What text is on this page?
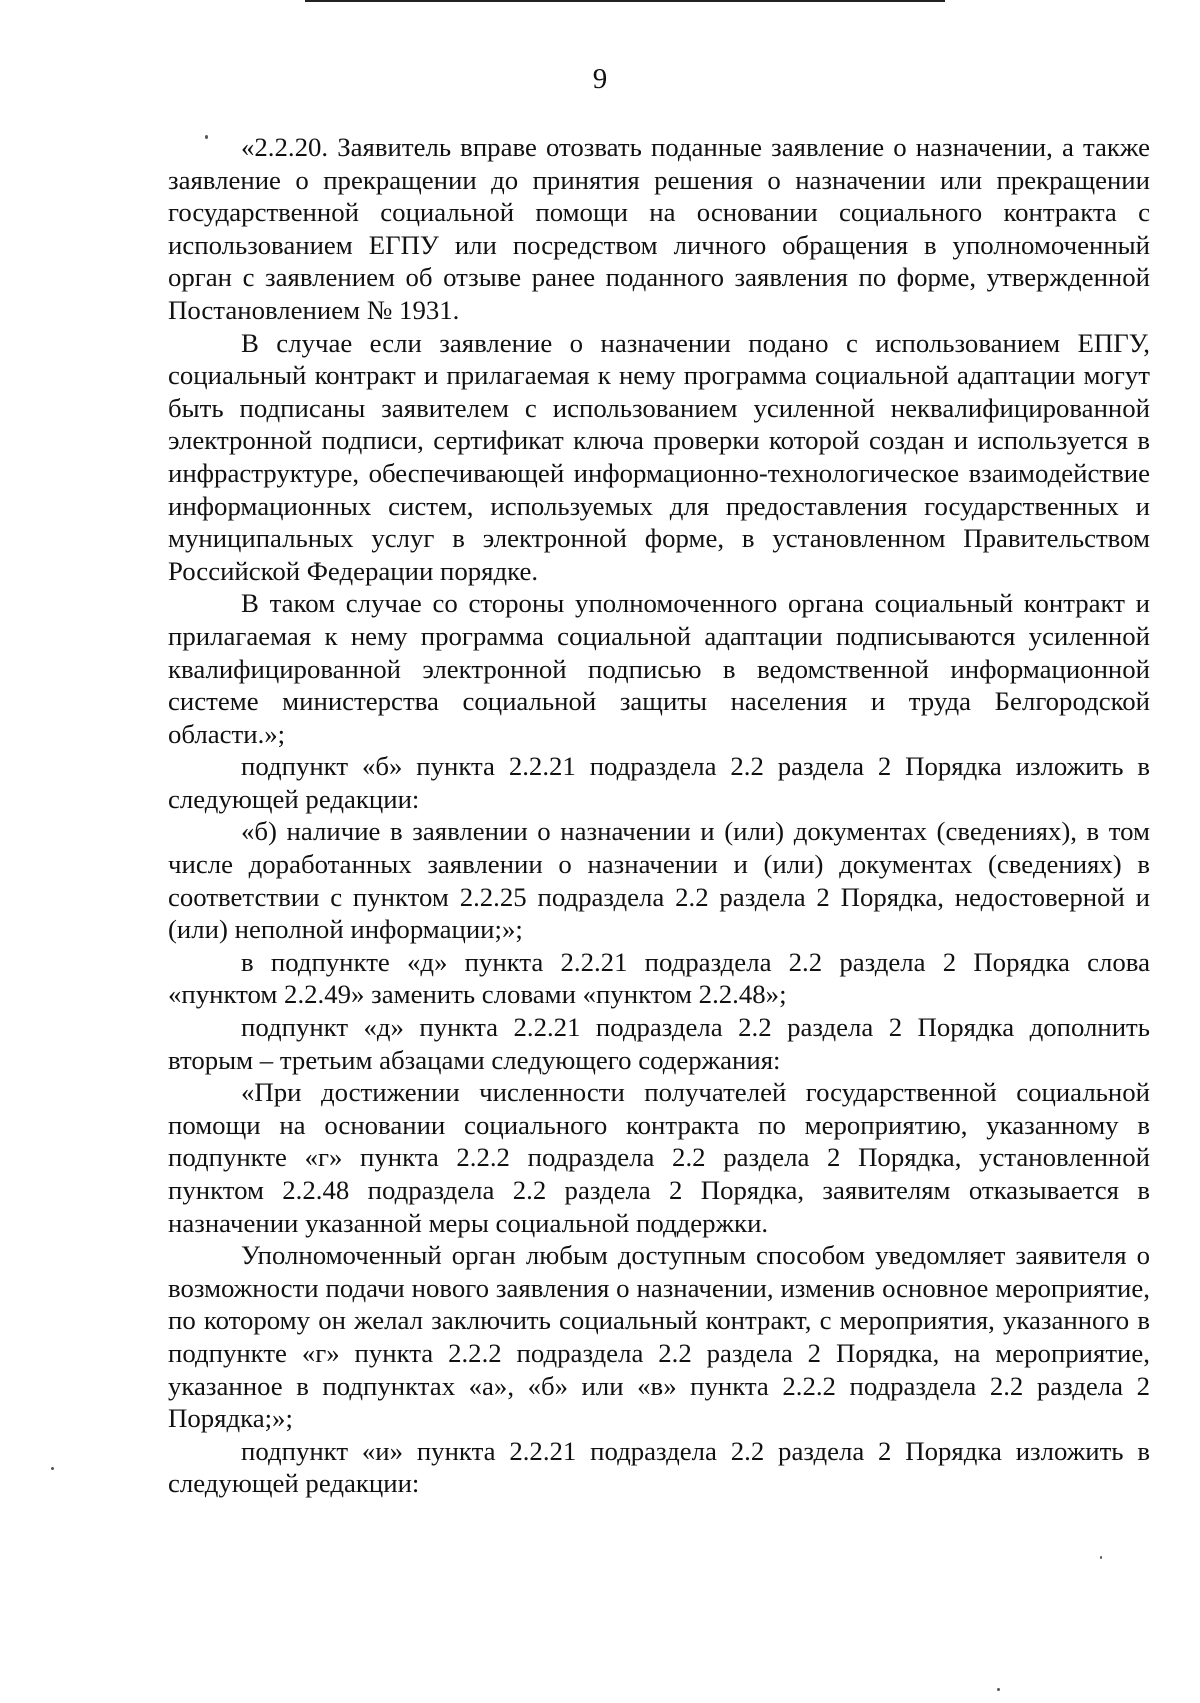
9

«2.2.20. Заявитель вправе отозвать поданные заявление о назначении, а также заявление о прекращении до принятия решения о назначении или прекращении государственной социальной помощи на основании социального контракта с использованием ЕГПУ или посредством личного обращения в уполномоченный орган с заявлением об отзыве ранее поданного заявления по форме, утвержденной Постановлением № 1931.

В случае если заявление о назначении подано с использованием ЕПГУ, социальный контракт и прилагаемая к нему программа социальной адаптации могут быть подписаны заявителем с использованием усиленной неквалифицированной электронной подписи, сертификат ключа проверки которой создан и используется в инфраструктуре, обеспечивающей информационно-технологическое взаимодействие информационных систем, используемых для предоставления государственных и муниципальных услуг в электронной форме, в установленном Правительством Российской Федерации порядке.

В таком случае со стороны уполномоченного органа социальный контракт и прилагаемая к нему программа социальной адаптации подписываются усиленной квалифицированной электронной подписью в ведомственной информационной системе министерства социальной защиты населения и труда Белгородской области.»;

подпункт «б» пункта 2.2.21 подраздела 2.2 раздела 2 Порядка изложить в следующей редакции:

«б) наличие в заявлении о назначении и (или) документах (сведениях), в том числе доработанных заявлении о назначении и (или) документах (сведениях) в соответствии с пунктом 2.2.25 подраздела 2.2 раздела 2 Порядка, недостоверной и (или) неполной информации;»;

в подпункте «д» пункта 2.2.21 подраздела 2.2 раздела 2 Порядка слова «пунктом 2.2.49» заменить словами «пунктом 2.2.48»;

подпункт «д» пункта 2.2.21 подраздела 2.2 раздела 2 Порядка дополнить вторым – третьим абзацами следующего содержания:

«При достижении численности получателей государственной социальной помощи на основании социального контракта по мероприятию, указанному в подпункте «г» пункта 2.2.2 подраздела 2.2 раздела 2 Порядка, установленной пунктом 2.2.48 подраздела 2.2 раздела 2 Порядка, заявителям отказывается в назначении указанной меры социальной поддержки.

Уполномоченный орган любым доступным способом уведомляет заявителя о возможности подачи нового заявления о назначении, изменив основное мероприятие, по которому он желал заключить социальный контракт, с мероприятия, указанного в подпункте «г» пункта 2.2.2 подраздела 2.2 раздела 2 Порядка, на мероприятие, указанное в подпунктах «а», «б» или «в» пункта 2.2.2 подраздела 2.2 раздела 2 Порядка;»;

подпункт «и» пункта 2.2.21 подраздела 2.2 раздела 2 Порядка изложить в следующей редакции:
